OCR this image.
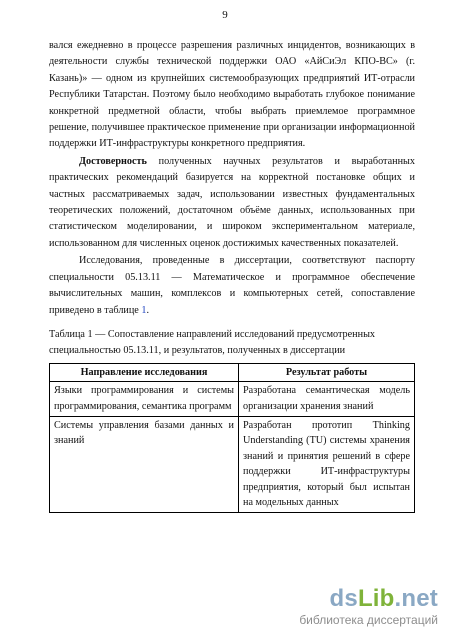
9

вался ежедневно в процессе разрешения различных инцидентов, возникающих в деятельности службы технической поддержки ОАО «АйСиЭл КПО-ВС» (г. Казань)» — одном из крупнейших системообразующих предприятий ИТ-отрасли Республики Татарстан. Поэтому было необходимо выработать глубокое понимание конкретной предметной области, чтобы выбрать приемлемое программное решение, получившее практическое применение при организации информационной поддержки ИТ-инфраструктуры конкретного предприятия.

Достоверность полученных научных результатов и выработанных практических рекомендаций базируется на корректной постановке общих и частных рассматриваемых задач, использовании известных фундаментальных теоретических положений, достаточном объёме данных, использованных при статистическом моделировании, и широком экспериментальном материале, использованном для численных оценок достижимых качественных показателей.

Исследования, проведенные в диссертации, соответствуют паспорту специальности 05.13.11 — Математическое и программное обеспечение вычислительных машин, комплексов и компьютерных сетей, сопоставление приведено в таблице 1.

Таблица 1 — Сопоставление направлений исследований предусмотренных специальностью 05.13.11, и результатов, полученных в диссертации
Направление исследования	Результат работы
Языки программирования и системы программирования, семантика программ	Разработана семантическая модель организации хранения знаний
Системы управления базами данных и знаний	Разработан прототип Thinking Understanding (TU) системы хранения знаний и принятия решений в сфере поддержки ИТ-инфраструктуры предприятия, который был испытан на модельных данных
dsLib.net
библиотека диссертаций
